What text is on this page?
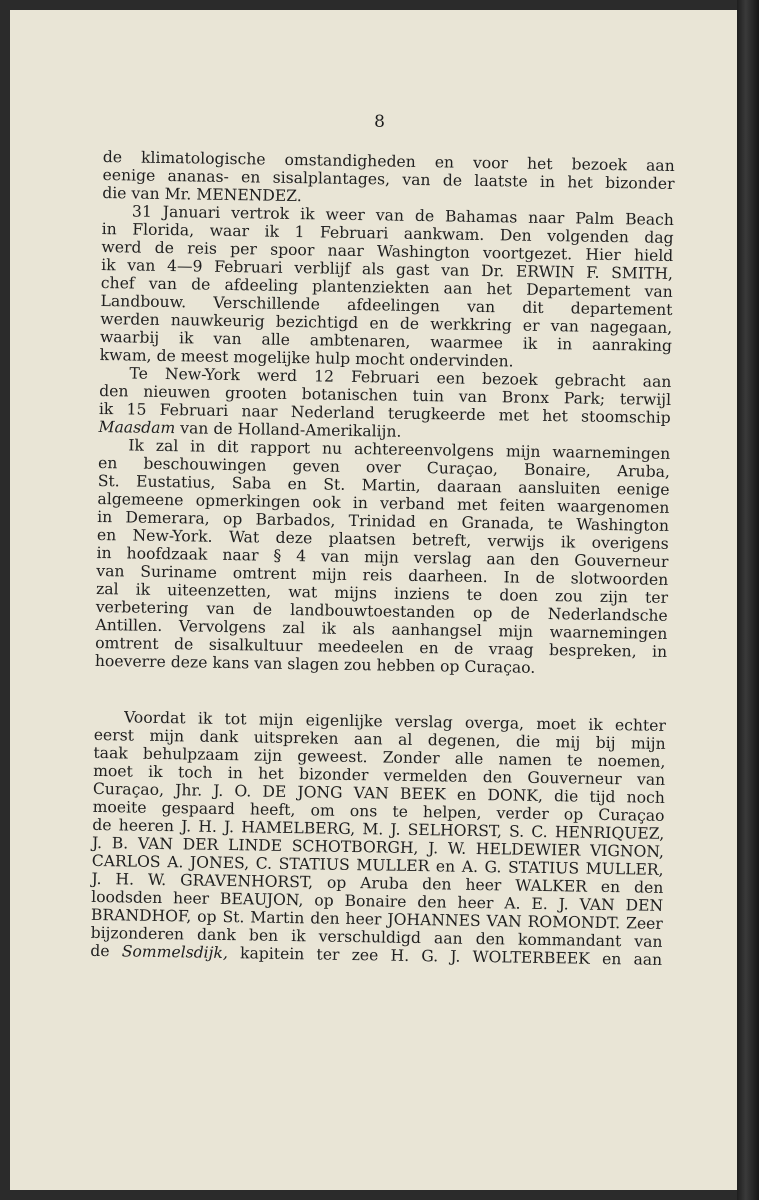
8
de klimatologische omstandigheden en voor het bezoek aan
eenige ananas- en sisalplantages, van de laatste in het bizonder
die van Mr. MENENDEZ.
31 Januari vertrok ik weer van de Bahamas naar Palm Beach
in Florida, waar ik 1 Februari aankwam. Den volgenden dag
werd de reis per spoor naar Washington voortgezet. Hier hield
ik van 4—9 Februari verblijf als gast van Dr. ERWIN F. SMITH,
chef van de afdeeling plantenziekten aan het Departement van
Landbouw. Verschillende afdeelingen van dit departement
werden nauwkeurig bezichtigd en de werkkring er van nagegaan,
waarbij ik van alle ambtenaren, waarmee ik in aanraking
kwam, de meest mogelijke hulp mocht ondervinden.
Te New-York werd 12 Februari een bezoek gebracht aan
den nieuwen grooten botanischen tuin van Bronx Park; terwijl
ik 15 Februari naar Nederland terugkeerde met het stoomschip
Maasdam van de Holland-Amerikalijn.
Ik zal in dit rapport nu achtereenvolgens mijn waarnemingen
en beschouwingen geven over Curaçao, Bonaire, Aruba,
St. Eustatius, Saba en St. Martin, daaraan aansluiten eenige
algemeene opmerkingen ook in verband met feiten waargenomen
in Demerara, op Barbados, Trinidad en Granada, te Washington
en New-York. Wat deze plaatsen betreft, verwijs ik overigens
in hoofdzaak naar § 4 van mijn verslag aan den Gouverneur
van Suriname omtrent mijn reis daarheen. In de slotwoorden
zal ik uiteenzetten, wat mijns inziens te doen zou zijn ter
verbetering van de landbouwtoestanden op de Nederlandsche
Antillen. Vervolgens zal ik als aanhangsel mijn waarnemingen
omtrent de sisalkultuur meedeelen en de vraag bespreken, in
hoeverre deze kans van slagen zou hebben op Curaçao.
Voordat ik tot mijn eigenlijke verslag overga, moet ik echter
eerst mijn dank uitspreken aan al degenen, die mij bij mijn
taak behulpzaam zijn geweest. Zonder alle namen te noemen,
moet ik toch in het bizonder vermelden den Gouverneur van
Curaçao, Jhr. J. O. DE JONG VAN BEEK en DONK, die tijd noch
moeite gespaard heeft, om ons te helpen, verder op Curaçao
de heeren J. H. J. HAMELBERG, M. J. SELHORST, S. C. HENRIQUEZ,
J. B. VAN DER LINDE SCHOTBORGH, J. W. HELDEWIER VIGNON,
CARLOS A. JONES, C. STATIUS MULLER en A. G. STATIUS MULLER,
J. H. W. GRAVENHORST, op Aruba den heer WALKER en den
loodsden heer BEAUJON, op Bonaire den heer A. E. J. VAN DEN
BRANDHOF, op St. Martin den heer JOHANNES VAN ROMONDT. Zeer
bijzonderen dank ben ik verschuldigd aan den kommandant van
de Sommelsdijk, kapitein ter zee H. G. J. WOLTERBEEK en aan
